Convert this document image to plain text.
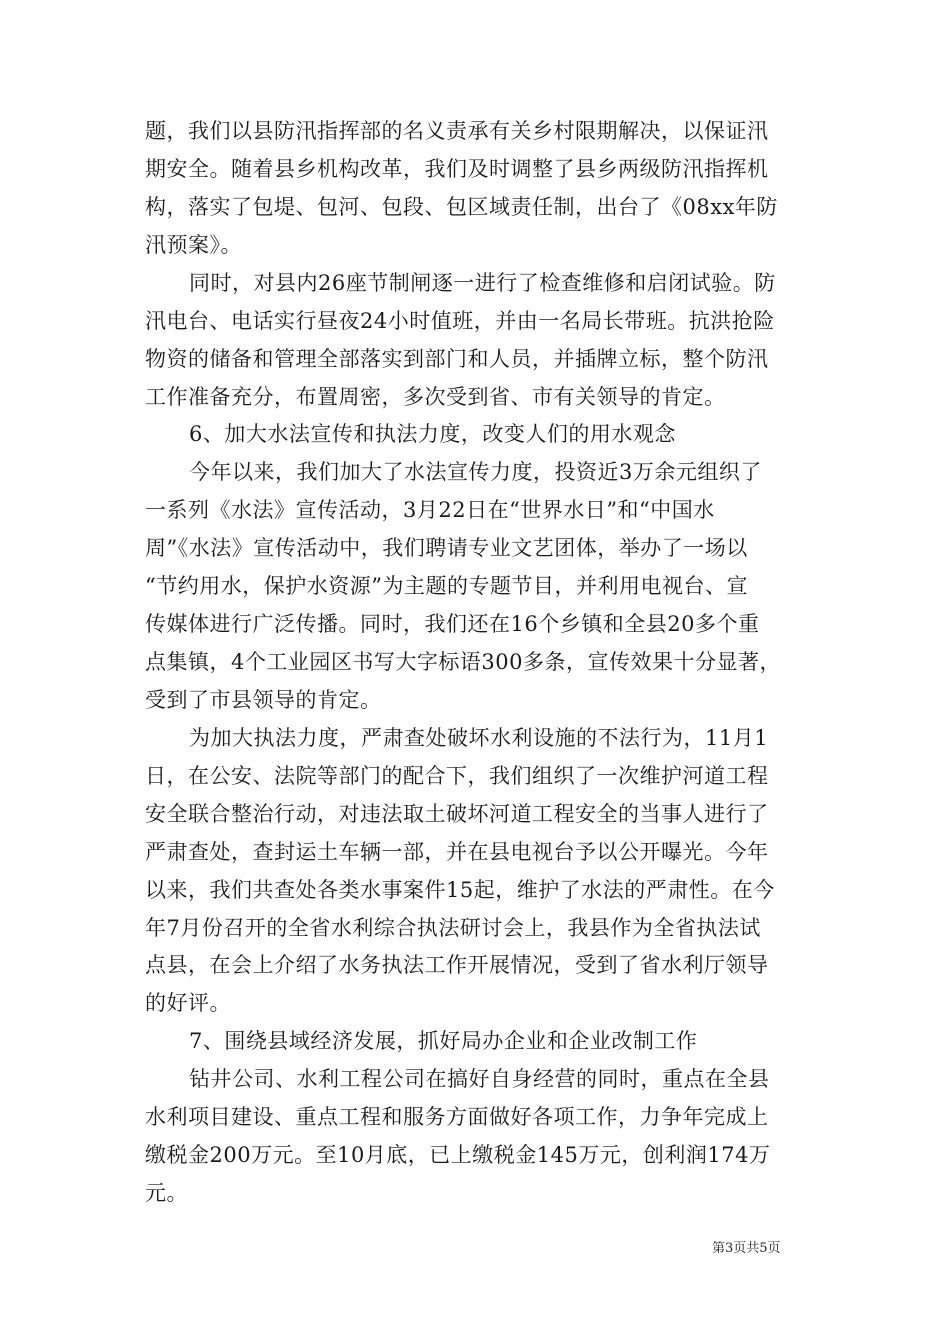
题，我们以县防汛指挥部的名义责承有关乡村限期解决，以保证汛
期安全。随着县乡机构改革，我们及时调整了县乡两级防汛指挥机
构，落实了包堤、包河、包段、包区域责任制，出台了《08xx年防
汛预案》。
同时，对县内26座节制闸逐一进行了检查维修和启闭试验。防
汛电台、电话实行昼夜24小时值班，并由一名局长带班。抗洪抢险
物资的储备和管理全部落实到部门和人员，并插牌立标，整个防汛
工作准备充分，布置周密，多次受到省、市有关领导的肯定。
6、加大水法宣传和执法力度，改变人们的用水观念
今年以来，我们加大了水法宣传力度，投资近3万余元组织了
一系列《水法》宣传活动，3月22日在“世界水日”和“中国水
周”《水法》宣传活动中，我们聘请专业文艺团体，举办了一场以
“节约用水，保护水资源”为主题的专题节目，并利用电视台、宣
传媒体进行广泛传播。同时，我们还在16个乡镇和全县20多个重
点集镇，4个工业园区书写大字标语300多条，宣传效果十分显著，
受到了市县领导的肯定。
为加大执法力度，严肃查处破坏水利设施的不法行为，11月1
日，在公安、法院等部门的配合下，我们组织了一次维护河道工程
安全联合整治行动，对违法取土破坏河道工程安全的当事人进行了
严肃查处，查封运土车辆一部，并在县电视台予以公开曝光。今年
以来，我们共查处各类水事案件15起，维护了水法的严肃性。在今
年7月份召开的全省水利综合执法研讨会上，我县作为全省执法试
点县，在会上介绍了水务执法工作开展情况，受到了省水利厅领导
的好评。
7、围绕县域经济发展，抓好局办企业和企业改制工作
钻井公司、水利工程公司在搞好自身经营的同时，重点在全县
水利项目建设、重点工程和服务方面做好各项工作，力争年完成上
缴税金200万元。至10月底，已上缴税金145万元，创利润174万
元。
第3页共5页
